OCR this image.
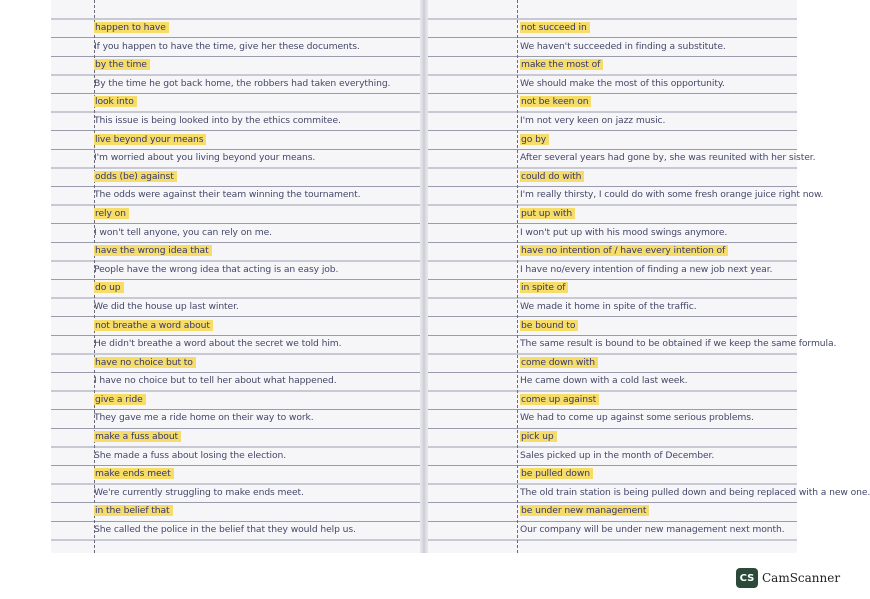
happen to have
If you happen to have the time, give her these documents.
by the time
By the time he got back home, the robbers had taken everything.
look into
This issue is being looked into by the ethics commitee.
live beyond your means
I'm worried about you living beyond your means.
odds (be) against
The odds were against their team winning the tournament.
rely on
I won't tell anyone, you can rely on me.
have the wrong idea that
People have the wrong idea that acting is an easy job.
do up
We did the house up last winter.
not breathe a word about
He didn't breathe a word about the secret we told him.
have no choice but to
I have no choice but to tell her about what happened.
give a ride
They gave me a ride home on their way to work.
make a fuss about
She made a fuss about losing the election.
make ends meet
We're currently struggling to make ends meet.
in the belief that
She called the police in the belief that they would help us.
not succeed in
We haven't succeeded in finding a substitute.
make the most of
We should make the most of this opportunity.
not be keen on
I'm not very keen on jazz music.
go by
After several years had gone by, she was reunited with her sister.
could do with
I'm really thirsty, I could do with some fresh orange juice right now.
put up with
I won't put up with his mood swings anymore.
have no intention of / have every intention of
I have no/every intention of finding a new job next year.
in spite of
We made it home in spite of the traffic.
be bound to
The same result is bound to be obtained if we keep the same formula.
come down with
He came down with a cold last week.
come up against
We had to come up against some serious problems.
pick up
Sales picked up in the month of December.
be pulled down
The old train station is being pulled down and being replaced with a new one.
be under new management
Our company will be under new management next month.
CS CamScanner
